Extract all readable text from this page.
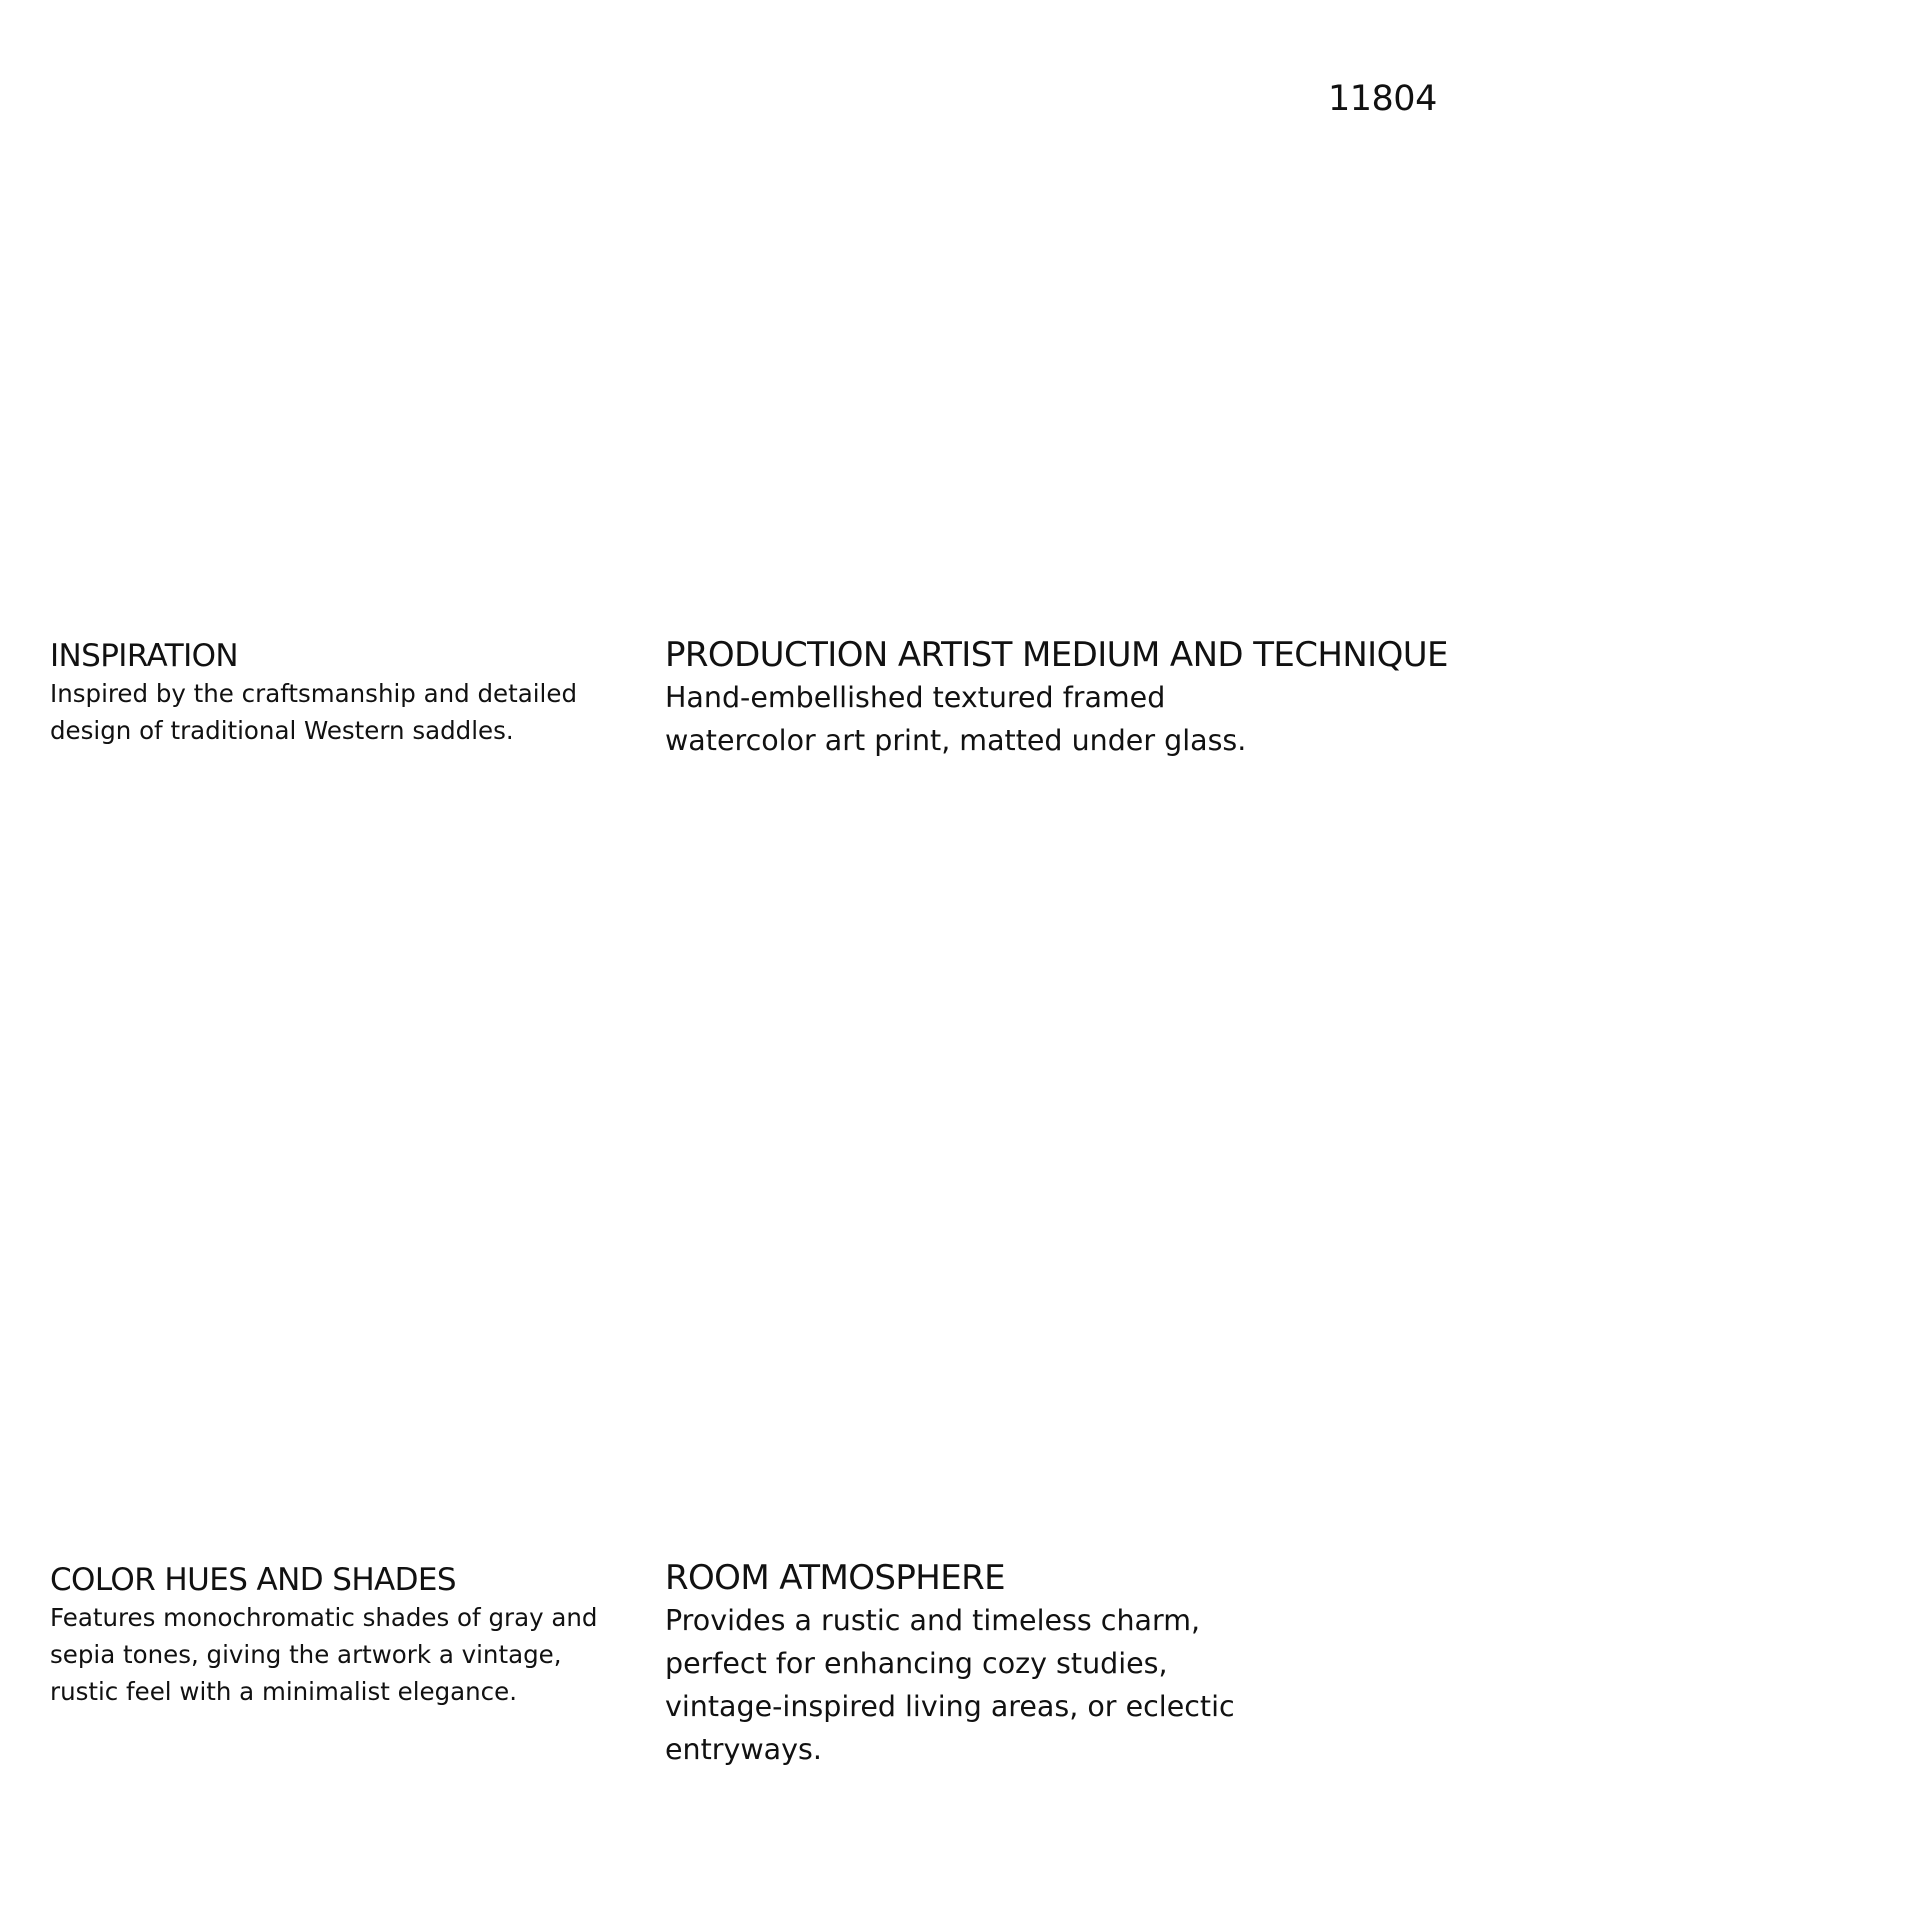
11804
INSPIRATION

Inspired by the craftsmanship and detailed
design of traditional Western saddles.

PRODUCTION ARTIST MEDIUM AND TECHNIQUE

Hand-embellished textured framed
watercolor art print, matted under glass.

COLOR HUES AND SHADES

Features monochromatic shades of gray and
sepia tones, giving the artwork a vintage,
rustic feel with a minimalist elegance.

ROOM ATMOSPHERE

Provides a rustic and timeless charm,
perfect for enhancing cozy studies,
vintage-inspired living areas, or eclectic
entryways.
